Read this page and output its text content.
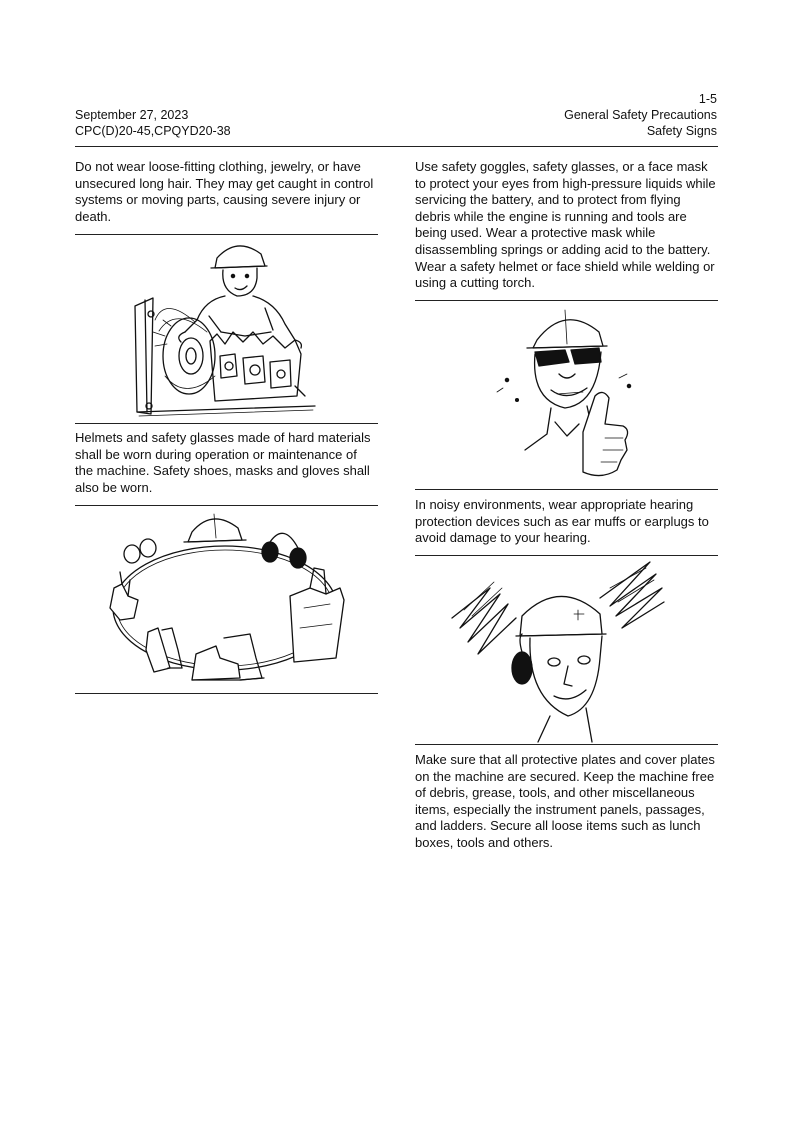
1-5
September 27, 2023
CPC(D)20-45,CPQYD20-38
General Safety Precautions
Safety Signs
Do not wear loose-fitting clothing, jewelry, or have unsecured long hair. They may get caught in control systems or moving parts, causing severe injury or death.
Helmets and safety glasses made of hard materials shall be worn during operation or maintenance of the machine. Safety shoes, masks and gloves shall also be worn.
Use safety goggles, safety glasses, or a face mask to protect your eyes from high-pressure liquids while servicing the battery, and to protect from flying debris while the engine is running and tools are being used. Wear a protective mask while disassembling springs or adding acid to the battery. Wear a safety helmet or face shield while welding or using a cutting torch.
In noisy environments, wear appropriate hearing protection devices such as ear muffs or earplugs to avoid damage to your hearing.
Make sure that all protective plates and cover plates on the machine are secured. Keep the machine free of debris, grease, tools, and other miscellaneous items, especially the instrument panels, passages, and ladders. Secure all loose items such as lunch boxes, tools and others.
